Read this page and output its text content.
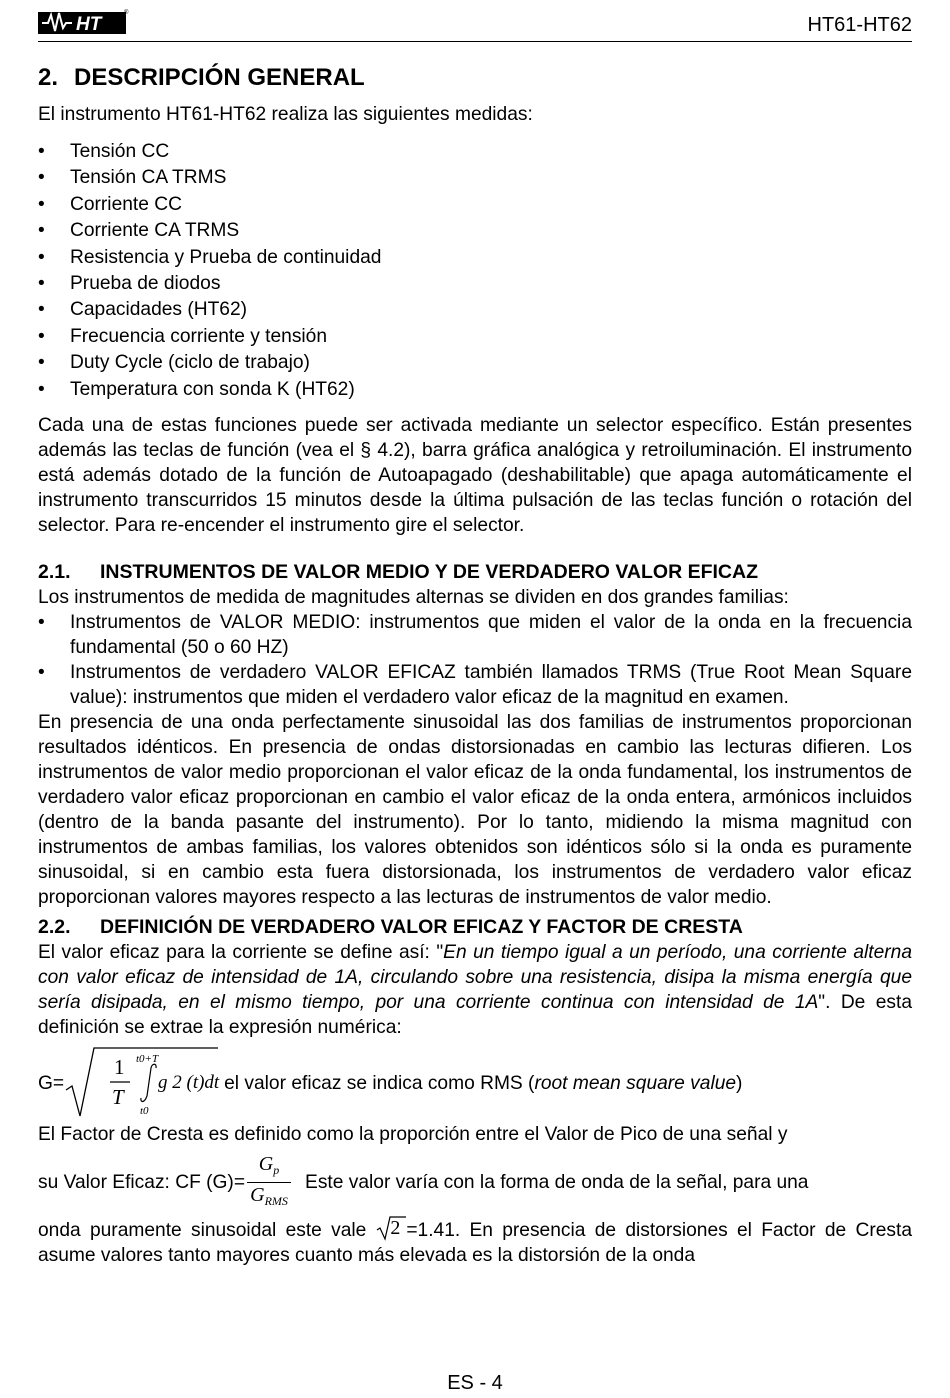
HT
®
HT61-HT62
2. DESCRIPCIÓN GENERAL

El instrumento HT61-HT62 realiza las siguientes medidas:

• Tensión CC
• Tensión CA TRMS
• Corriente CC
• Corriente CA TRMS
• Resistencia y Prueba de continuidad
• Prueba de diodos
• Capacidades (HT62)
• Frecuencia corriente y tensión
• Duty Cycle (ciclo de trabajo)
• Temperatura con sonda K (HT62)

Cada una de estas funciones puede ser activada mediante un selector específico. Están presentes además las teclas de función (vea el § 4.2), barra gráfica analógica y retroiluminación. El instrumento está además dotado de la función de Autoapagado (deshabilitable) que apaga automáticamente el instrumento transcurridos 15 minutos desde la última pulsación de las teclas función o rotación del selector. Para re-encender el instrumento gire el selector.

2.1. INSTRUMENTOS DE VALOR MEDIO Y DE VERDADERO VALOR EFICAZ

Los instrumentos de medida de magnitudes alternas se dividen en dos grandes familias:

• Instrumentos de VALOR MEDIO: instrumentos que miden el valor de la onda en la frecuencia fundamental (50 o 60 HZ)
• Instrumentos de verdadero VALOR EFICAZ también llamados TRMS (True Root Mean Square value): instrumentos que miden el verdadero valor eficaz de la magnitud en examen.

En presencia de una onda perfectamente sinusoidal las dos familias de instrumentos proporcionan resultados idénticos. En presencia de ondas distorsionadas en cambio las lecturas difieren. Los instrumentos de valor medio proporcionan el valor eficaz de la onda fundamental, los instrumentos de verdadero valor eficaz proporcionan en cambio el valor eficaz de la onda entera, armónicos incluidos (dentro de la banda pasante del instrumento). Por lo tanto, midiendo la misma magnitud con instrumentos de ambas familias, los valores obtenidos son idénticos sólo si la onda es puramente sinusoidal, si en cambio esta fuera distorsionada, los instrumentos de verdadero valor eficaz proporcionan valores mayores respecto a las lecturas de instrumentos de valor medio.

2.2. DEFINICIÓN DE VERDADERO VALOR EFICAZ Y FACTOR DE CRESTA

El valor eficaz para la corriente se define así: "En un tiempo igual a un período, una corriente alterna con valor eficaz de intensidad de 1A, circulando sobre una resistencia, disipa la misma energía que sería disipada, en el mismo tiempo, por una corriente continua con intensidad de 1A". De esta definición se extrae la expresión numérica:

G=
1
T
t0+T
t0
g 2 (t)dt el valor eficaz se indica como RMS (root mean square value)

El Factor de Cresta es definido como la proporción entre el Valor de Pico de una señal y

su Valor Eficaz: CF $(G)= \frac{G_p}{G_{RMS}}$ Este valor varía con la forma de onda de la señal, para una

onda puramente sinusoidal este vale 2 =1.41. En presencia de distorsiones el Factor de Cresta asume valores tanto mayores cuanto más elevada es la distorsión de la onda

ES - 4
